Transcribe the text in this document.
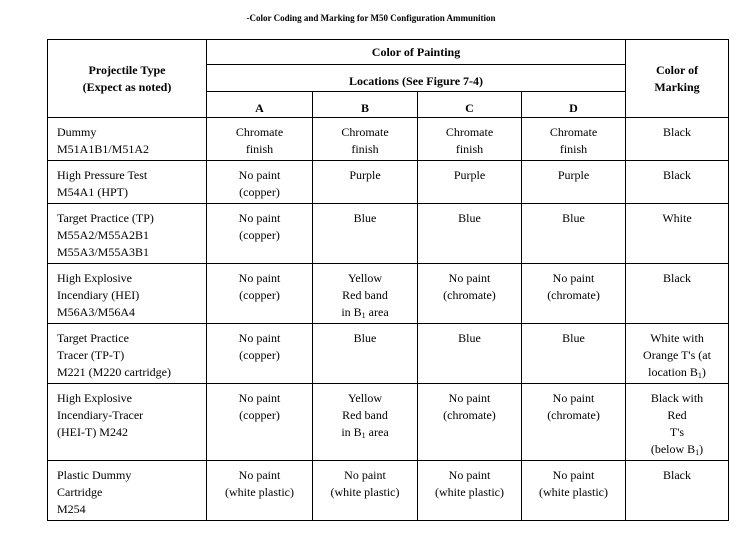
-Color Coding and Marking for M50 Configuration Ammunition
Projectile Type
(Expect as noted)	Color of Painting				Color of
Marking

	Locations (See Figure 7-4)				
	A	B	C	D	

Dummy
M51A1B1/M51A2	Chromate
finish	Chromate
finish	Chromate
finish	Chromate
finish	Black

High Pressure Test
M54A1 (HPT)	No paint
(copper)	Purple	Purple	Purple	Black

Target Practice (TP)
M55A2/M55A2B1
M55A3/M55A3B1	No paint
(copper)	Blue	Blue	Blue	White

High Explosive
Incendiary (HEI)
M56A3/M56A4	No paint
(copper)	Yellow
Red band
in $B_1$ area	No paint
(chromate)	No paint
(chromate)	Black

Target Practice
Tracer (TP-T)
M221 (M220 cartridge)	No paint
(copper)	Blue	Blue	Blue	White with
Orange T's (at
location $B_1$)

High Explosive
Incendiary-Tracer
(HEI-T) M242	No paint
(copper)	Yellow
Red band
in $B_1$ area	No paint
(chromate)	No paint
(chromate)	Black with
Red
T's
(below $B_1$)

Plastic Dummy
Cartridge
M254	No paint
(white plastic)	No paint
(white plastic)	No paint
(white plastic)	No paint
(white plastic)	Black
